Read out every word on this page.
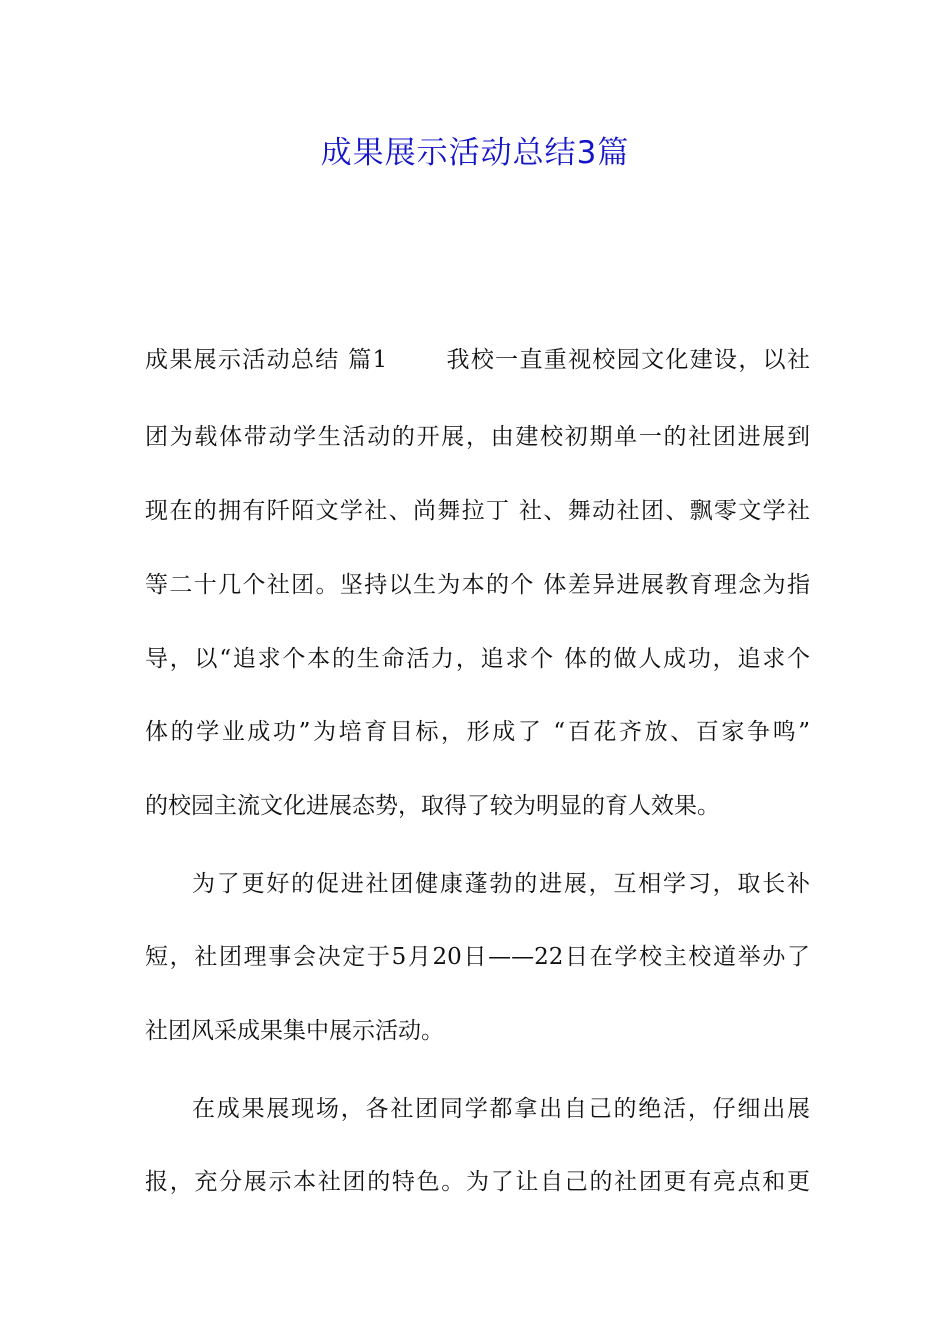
成果展示活动总结3篇
成果展示活动总结 篇1	我校一直重视校园文化建设，以社
团为载体带动学生活动的开展，由建校初期单一的社团进展到
现在的拥有阡陌文学社、尚舞拉丁 社、舞动社团、飘零文学社
等二十几个社团。坚持以生为本的个 体差异进展教育理念为指
导，以“追求个本的生命活力，追求个 体的做人成功，追求个
体的学业成功”为培育目标，形成了 “百花齐放、百家争鸣”
的校园主流文化进展态势，取得了较为明显的育人效果。
为了更好的促进社团健康蓬勃的进展，互相学习，取长补
短，社团理事会决定于5月20日——22日在学校主校道举办了
社团风采成果集中展示活动。
在成果展现场，各社团同学都拿出自己的绝活，仔细出展
报，充分展示本社团的特色。为了让自己的社团更有亮点和更
